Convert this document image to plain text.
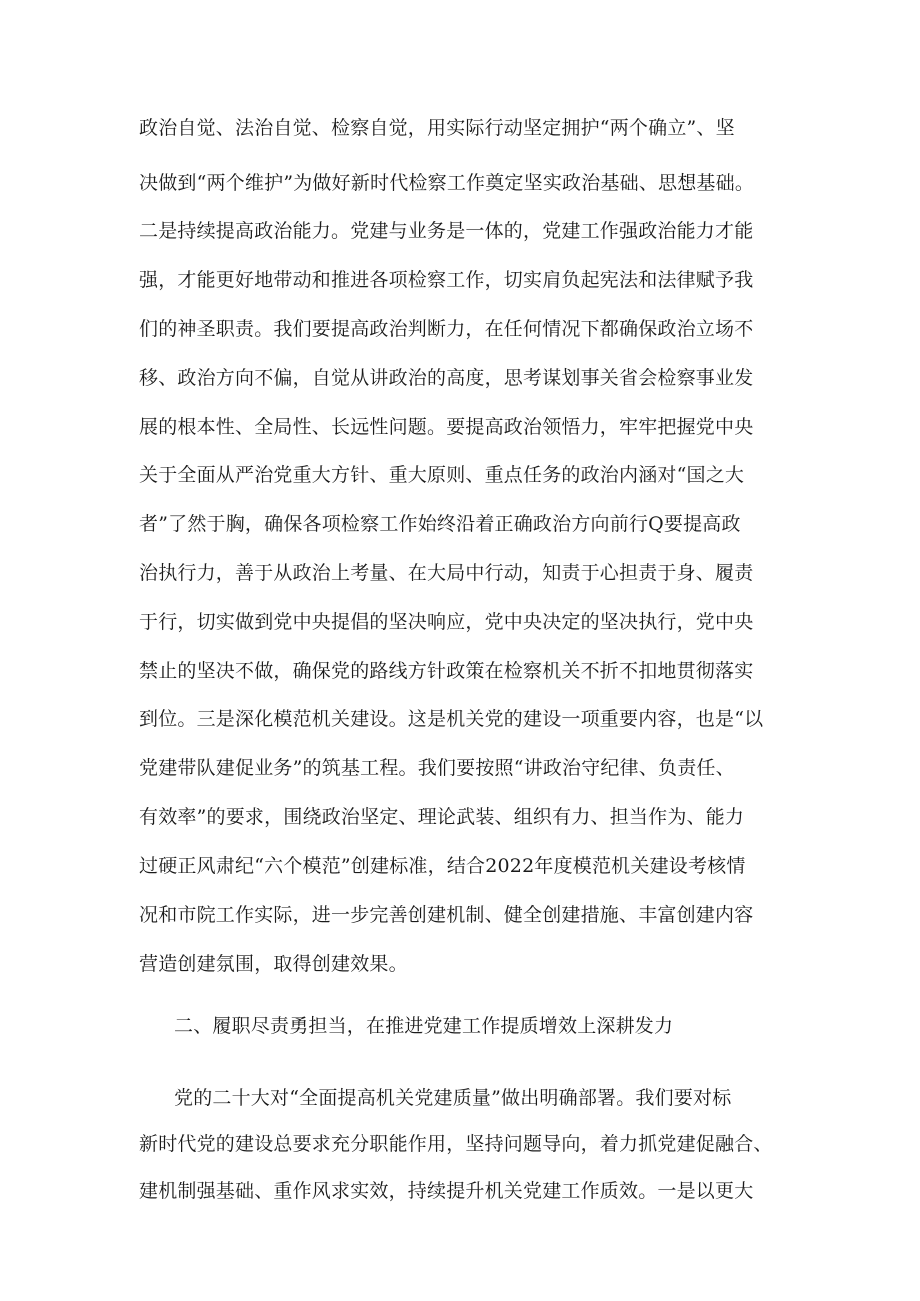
政治自觉、法治自觉、检察自觉，用实际行动坚定拥护“两个确立”、坚
决做到“两个维护”为做好新时代检察工作奠定坚实政治基础、思想基础。
二是持续提高政治能力。党建与业务是一体的，党建工作强政治能力才能
强，才能更好地带动和推进各项检察工作，切实肩负起宪法和法律赋予我
们的神圣职责。我们要提高政治判断力，在任何情况下都确保政治立场不
移、政治方向不偏，自觉从讲政治的高度，思考谋划事关省会检察事业发
展的根本性、全局性、长远性问题。要提高政治领悟力，牢牢把握党中央
关于全面从严治党重大方针、重大原则、重点任务的政治内涵对“国之大
者”了然于胸，确保各项检察工作始终沿着正确政治方向前行Q要提高政
治执行力，善于从政治上考量、在大局中行动，知责于心担责于身、履责
于行，切实做到党中央提倡的坚决响应，党中央决定的坚决执行，党中央
禁止的坚决不做，确保党的路线方针政策在检察机关不折不扣地贯彻落实
到位。三是深化模范机关建设。这是机关党的建设一项重要内容，也是“以
党建带队建促业务”的筑基工程。我们要按照“讲政治守纪律、负责任、
有效率”的要求，围绕政治坚定、理论武装、组织有力、担当作为、能力
过硬正风肃纪“六个模范”创建标准，结合2022年度模范机关建设考核情
况和市院工作实际，进一步完善创建机制、健全创建措施、丰富创建内容
营造创建氛围，取得创建效果。
二、履职尽责勇担当，在推进党建工作提质增效上深耕发力
党的二十大对“全面提高机关党建质量”做出明确部署。我们要对标
新时代党的建设总要求充分职能作用，坚持问题导向，着力抓党建促融合、
建机制强基础、重作风求实效，持续提升机关党建工作质效。一是以更大
